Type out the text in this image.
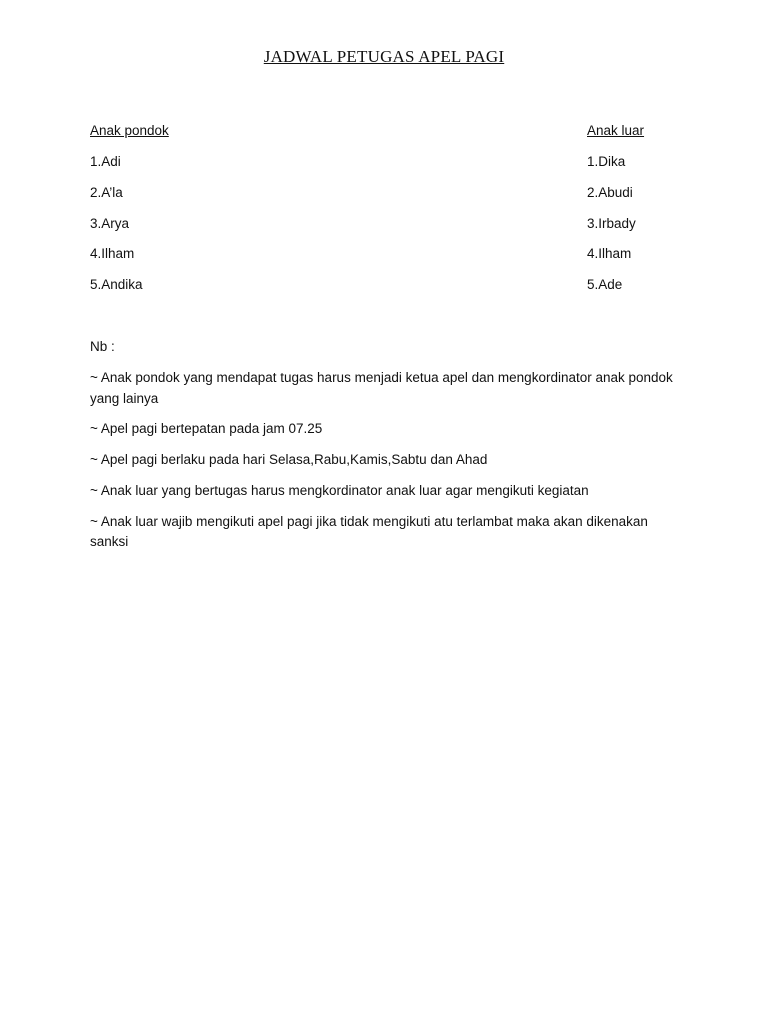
JADWAL PETUGAS APEL PAGI
Anak pondok
1.Adi
2.A’la
3.Arya
4.Ilham
5.Andika
Anak luar
1.Dika
2.Abudi
3.Irbady
4.Ilham
5.Ade
Nb :
~ Anak pondok yang mendapat tugas harus menjadi ketua apel dan mengkordinator anak pondok yang lainya
~ Apel pagi bertepatan pada jam 07.25
~ Apel pagi berlaku pada hari Selasa,Rabu,Kamis,Sabtu dan Ahad
~ Anak luar yang bertugas harus mengkordinator anak luar agar mengikuti kegiatan
~ Anak luar wajib mengikuti apel pagi jika tidak mengikuti atu terlambat maka akan dikenakan sanksi
